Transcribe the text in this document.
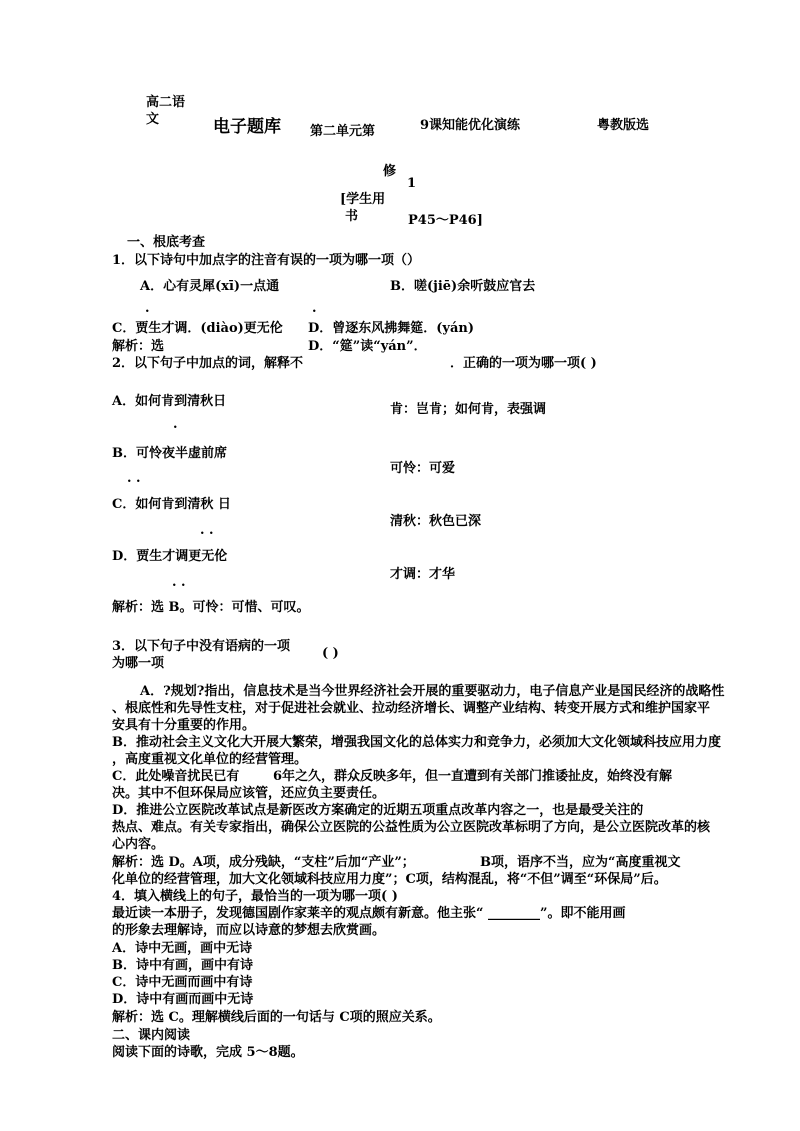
高二语
文	电子题库 第二单元第	9课知能优化演练	粤教版选
修
1
[学生用
书	P45～P46]
一、根底考查
1．以下诗句中加点字的注音有误的一项为哪一项（）
A．心有灵犀(xī)一点通	B．嗟(jiē)余听鼓应官去
.	.
C．贾生才调．(diào)更无伦 D．曾逐东风拂舞筵．(yán)
解析：选	D．“筵”读“yán”．
2．以下句子中加点的词，解释不	．正确的一项为哪一项( )
A．如何肯到清秋日
肯：岂肯；如何肯，表强调
.
B．可怜夜半虚前席
可怜：可爱
. .
C．如何肯到清秋 日
清秋：秋色已深
. .
D．贾生才调更无伦
才调：才华
. .
解析：选 B。可怜：可惜、可叹。
3．以下句子中没有语病的一项 ( )
为哪一项
A．?规划?指出，信息技术是当今世界经济社会开展的重要驱动力，电子信息产业是国民经济的战略性
、根底性和先导性支柱，对于促进社会就业、拉动经济增长、调整产业结构、转变开展方式和维护国家平
安具有十分重要的作用。
B．推动社会主义文化大开展大繁荣，增强我国文化的总体实力和竞争力，必须加大文化领域科技应用力度
，高度重视文化单位的经营管理。
C．此处噪音扰民已有	6年之久，群众反映多年，但一直遭到有关部门推诿扯皮，始终没有解
决。其中不但环保局应该管，还应负主要责任。
D．推进公立医院改革试点是新医改方案确定的近期五项重点改革内容之一，也是最受关注的
热点、难点。有关专家指出，确保公立医院的公益性质为公立医院改革标明了方向，是公立医院改革的核
心内容。
解析：选 D。A项，成分残缺，“支柱”后加“产业”；	B项，语序不当，应为“高度重视文
化单位的经营管理，加大文化领域科技应用力度”；C项，结构混乱，将“不但”调至“环保局”后。
4．填入横线上的句子，最恰当的一项为哪一项( )
最近读一本册子，发现德国剧作家莱辛的观点颇有新意。他主张“ ________”。即不能用画
的形象去理解诗，而应以诗意的梦想去欣赏画。
A．诗中无画，画中无诗
B．诗中有画，画中有诗
C．诗中无画而画中有诗
D．诗中有画而画中无诗
解析：选 C。理解横线后面的一句话与 C项的照应关系。
二、课内阅读
阅读下面的诗歌，完成 5～8题。
